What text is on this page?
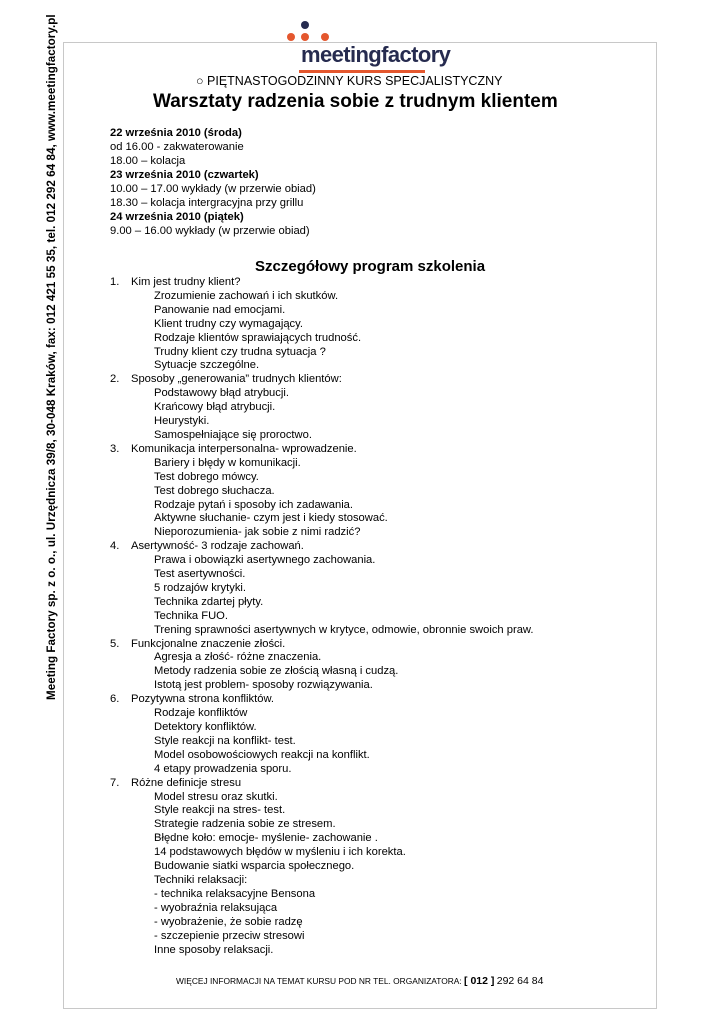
Meeting Factory sp. z o. o., ul. Urzędnicza 39/8, 30-048 Kraków, fax: 012 421 55 35, tel. 012 292 64 84, www.meetingfactory.pl	meetingfactory
○ PIĘTNASTOGODZINNY KURS SPECJALISTYCZNY
Warsztaty radzenia sobie z trudnym klientem
22 września 2010 (środa)
od 16.00 - zakwaterowanie
18.00 – kolacja
23 września 2010 (czwartek)
10.00 – 17.00 wykłady (w przerwie obiad)
18.30 – kolacja intergracyjna przy grillu
24 września 2010 (piątek)
9.00 – 16.00 wykłady (w przerwie obiad)
Szczegółowy program szkolenia
1.	Kim jest trudny klient?
Zrozumienie zachowań i ich skutków.
Panowanie nad emocjami.
Klient trudny czy wymagający.
Rodzaje klientów sprawiających trudność.
Trudny klient czy trudna sytuacja ?
Sytuacje szczególne.
2.	Sposoby „generowania” trudnych klientów:
Podstawowy błąd atrybucji.
Krańcowy błąd atrybucji.
Heurystyki.
Samospełniające się proroctwo.
3.	Komunikacja interpersonalna- wprowadzenie.
Bariery i błędy w komunikacji.
Test dobrego mówcy.
Test dobrego słuchacza.
Rodzaje pytań i sposoby ich zadawania.
Aktywne słuchanie- czym jest i kiedy stosować.
Nieporozumienia- jak sobie z nimi radzić?
4.	Asertywność- 3 rodzaje zachowań.
Prawa i obowiązki asertywnego zachowania.
Test asertywności.
5 rodzajów krytyki.
Technika zdartej płyty.
Technika FUO.
Trening sprawności asertywnych w krytyce, odmowie, obronnie swoich praw.
5.	Funkcjonalne znaczenie złości.
Agresja a złość- różne znaczenia.
Metody radzenia sobie ze złością własną i cudzą.
Istotą jest problem- sposoby rozwiązywania.
6.	Pozytywna strona konfliktów.
Rodzaje konfliktów
Detektory konfliktów.
Style reakcji na konflikt- test.
Model osobowościowych reakcji na konflikt.
4 etapy prowadzenia sporu.
7.	Różne definicje stresu
Model stresu oraz skutki.
Style reakcji na stres- test.
Strategie radzenia sobie ze stresem.
Błędne koło: emocje- myślenie- zachowanie .
14 podstawowych błędów w myśleniu i ich korekta.
Budowanie siatki wsparcia społecznego.
Techniki relaksacji:
- technika relaksacyjne Bensona
- wyobraźnia relaksująca
- wyobrażenie, że sobie radzę
- szczepienie przeciw stresowi
Inne sposoby relaksacji.
WIĘCEJ INFORMACJI NA TEMAT KURSU POD NR TEL. ORGANIZATORA: [ 012 ] 292 64 84
